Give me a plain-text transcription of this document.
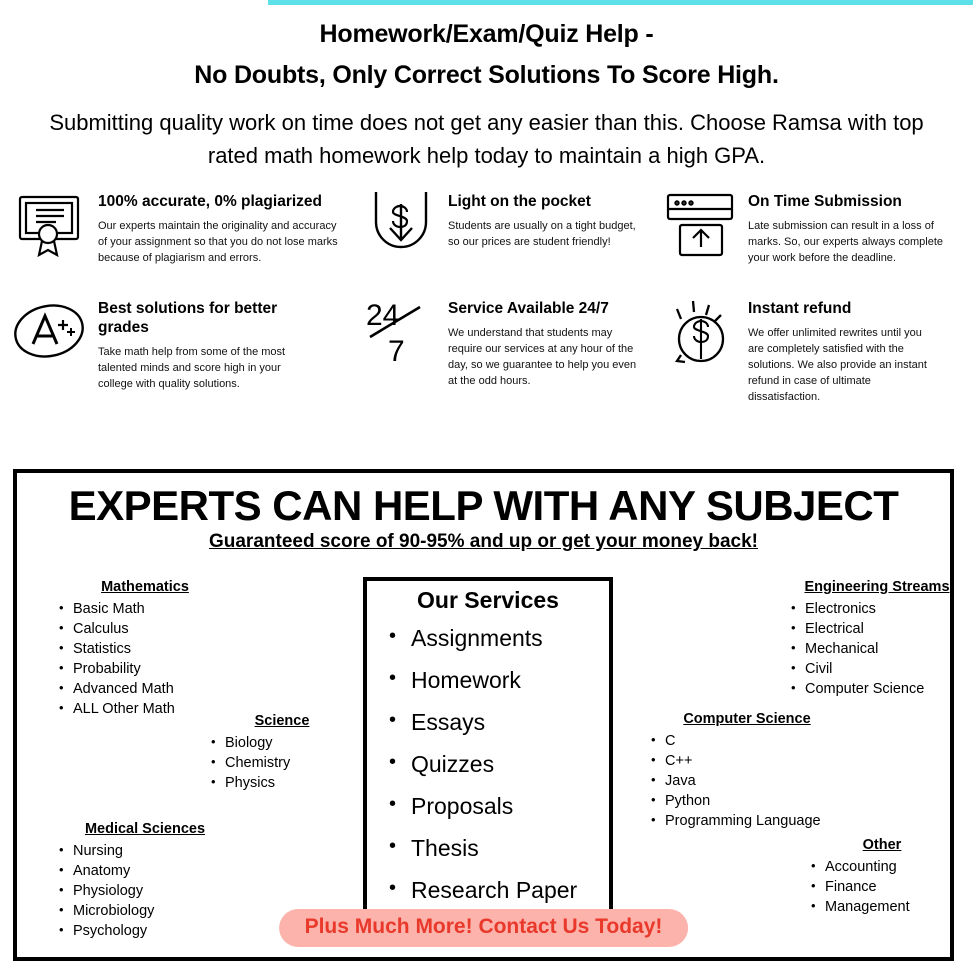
Homework/Exam/Quiz Help -
No Doubts, Only Correct Solutions To Score High.

Submitting quality work on time does not get any easier than this. Choose Ramsa with top rated math homework help today to maintain a high GPA.

100% accurate, 0% plagiarized

Our experts maintain the originality and accuracy of your assignment so that you do not lose marks because of plagiarism and errors.

Light on the pocket

Students are usually on a tight budget, so our prices are student friendly!

On Time Submission

Late submission can result in a loss of marks. So, our experts always complete your work before the deadline.

Best solutions for better grades

Take math help from some of the most talented minds and score high in your college with quality solutions.

24
7

Service Available 24/7

We understand that students may require our services at any hour of the day, so we guarantee to help you even at the odd hours.

Instant refund

We offer unlimited rewrites until you are completely satisfied with the solutions. We also provide an instant refund in case of ultimate dissatisfaction.

EXPERTS CAN HELP WITH ANY SUBJECT
Guaranteed score of 90-95% and up or get your money back!
Mathematics
• Basic Math
• Calculus
• Statistics
• Probability
• Advanced Math
• ALL Other Math
Science
• Biology
• Chemistry
• Physics
Medical Sciences
• Nursing
• Anatomy
• Physiology
• Microbiology
• Psychology
Engineering Streams
• Electronics
• Electrical
• Mechanical
• Civil
• Computer Science
Computer Science
• C
• C++
• Java
• Python
• Programming Language
Other
• Accounting
• Finance
• Management
Our Services
• Assignments
• Homework
• Essays
• Quizzes
• Proposals
• Thesis
• Research Paper
Plus Much More! Contact Us Today!
